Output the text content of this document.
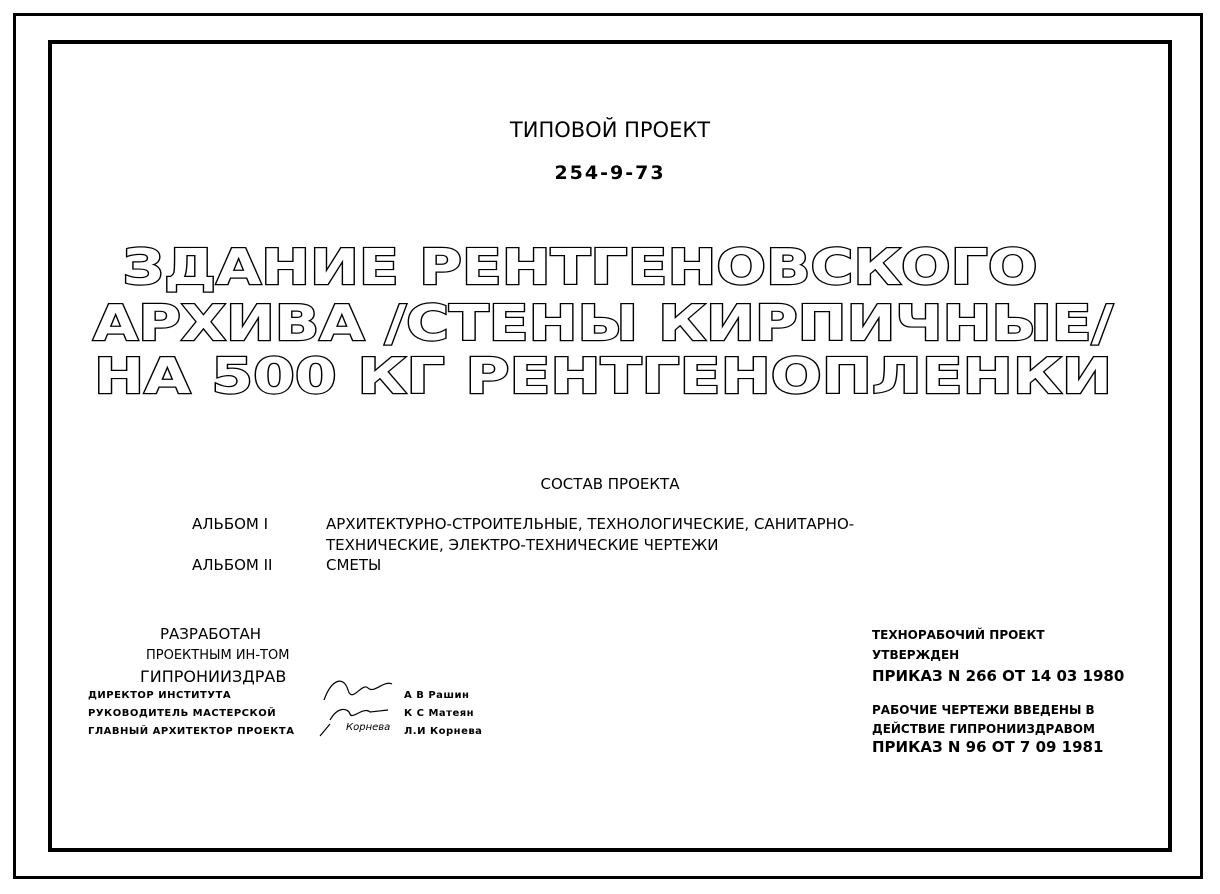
ТИПОВОЙ ПРОЕКТ
254-9-73
ЗДАНИЕ РЕНТГЕНОВСКОГО
АРХИВА /СТЕНЫ КИРПИЧНЫЕ/
НА 500 КГ РЕНТГЕНОПЛЕНКИ
СОСТАВ ПРОЕКТА
АЛЬБОМ I	АРХИТЕКТУРНО-СТРОИТЕЛЬНЫЕ, ТЕХНОЛОГИЧЕСКИЕ, САНИТАРНО-
ТЕХНИЧЕСКИЕ, ЭЛЕКТРО-ТЕХНИЧЕСКИЕ ЧЕРТЕЖИ
АЛЬБОМ II	СМЕТЫ
РАЗРАБОТАН
ПРОЕКТНЫМ ИН-ТОМ
ГИПРОНИИЗДРАВ
ДИРЕКТОР ИНСТИТУТА
РУКОВОДИТЕЛЬ МАСТЕРСКОЙ
ГЛАВНЫЙ АРХИТЕКТОР ПРОЕКТА
А В Рашин
К С Матеян
Л.И Корнева
Корнева
ТЕХНОРАБОЧИЙ ПРОЕКТ
УТВЕРЖДЕН
ПРИКАЗ N 266 ОТ 14 03 1980
РАБОЧИЕ ЧЕРТЕЖИ ВВЕДЕНЫ В
ДЕЙСТВИЕ ГИПРОНИИЗДРАВОМ
ПРИКАЗ N 96 ОТ 7 09 1981
